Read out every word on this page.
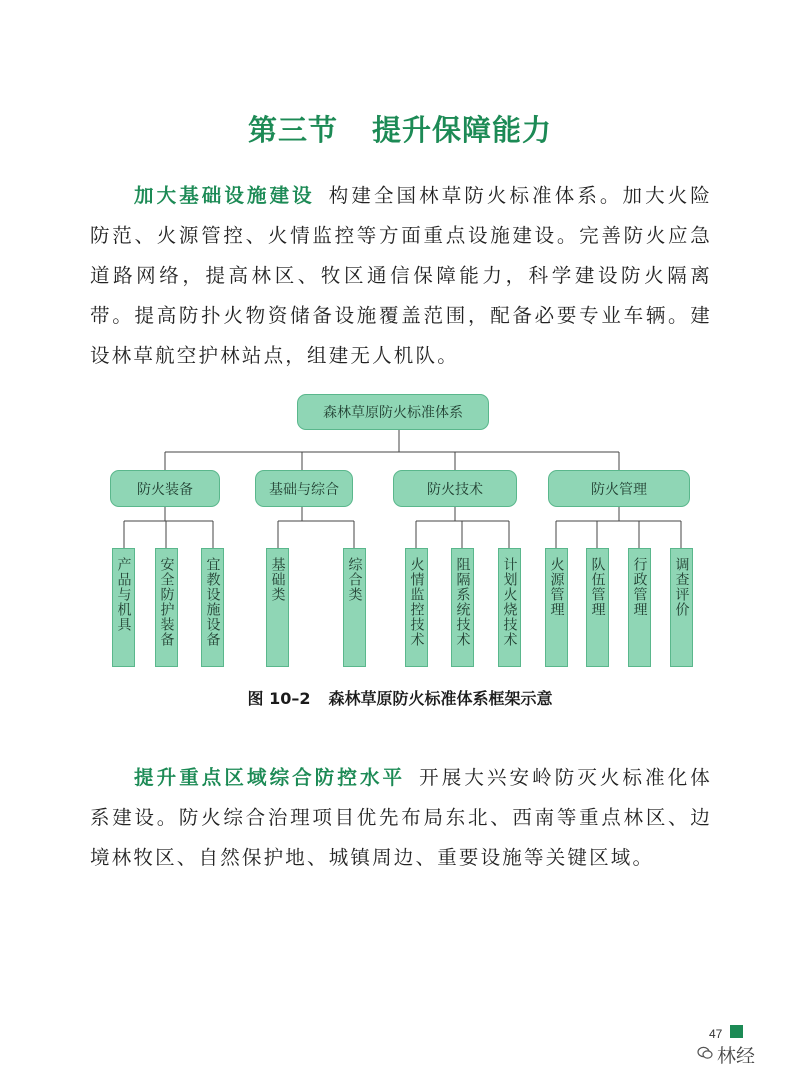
第三节 提升保障能力

加大基础设施建设 构建全国林草防火标准体系。加大火险防范、火源管控、火情监控等方面重点设施建设。完善防火应急道路网络，提高林区、牧区通信保障能力，科学建设防火隔离带。提高防扑火物资储备设施覆盖范围，配备必要专业车辆。建设林草航空护林站点，组建无人机队。

森林草原防火标准体系
防火装备	基础与综合	防火技术	防火管理
产品与机具 安全防护装备 宜教设施设备	基础类	综合类	火情监控技术 阻隔系统技术 计划火烧技术 火源管理 队伍管理 行政管理 调查评价
图 10–2 森林草原防火标准体系框架示意

提升重点区域综合防控水平 开展大兴安岭防灭火标准化体系建设。防火综合治理项目优先布局东北、西南等重点林区、边境林牧区、自然保护地、城镇周边、重要设施等关键区域。

47
林经
